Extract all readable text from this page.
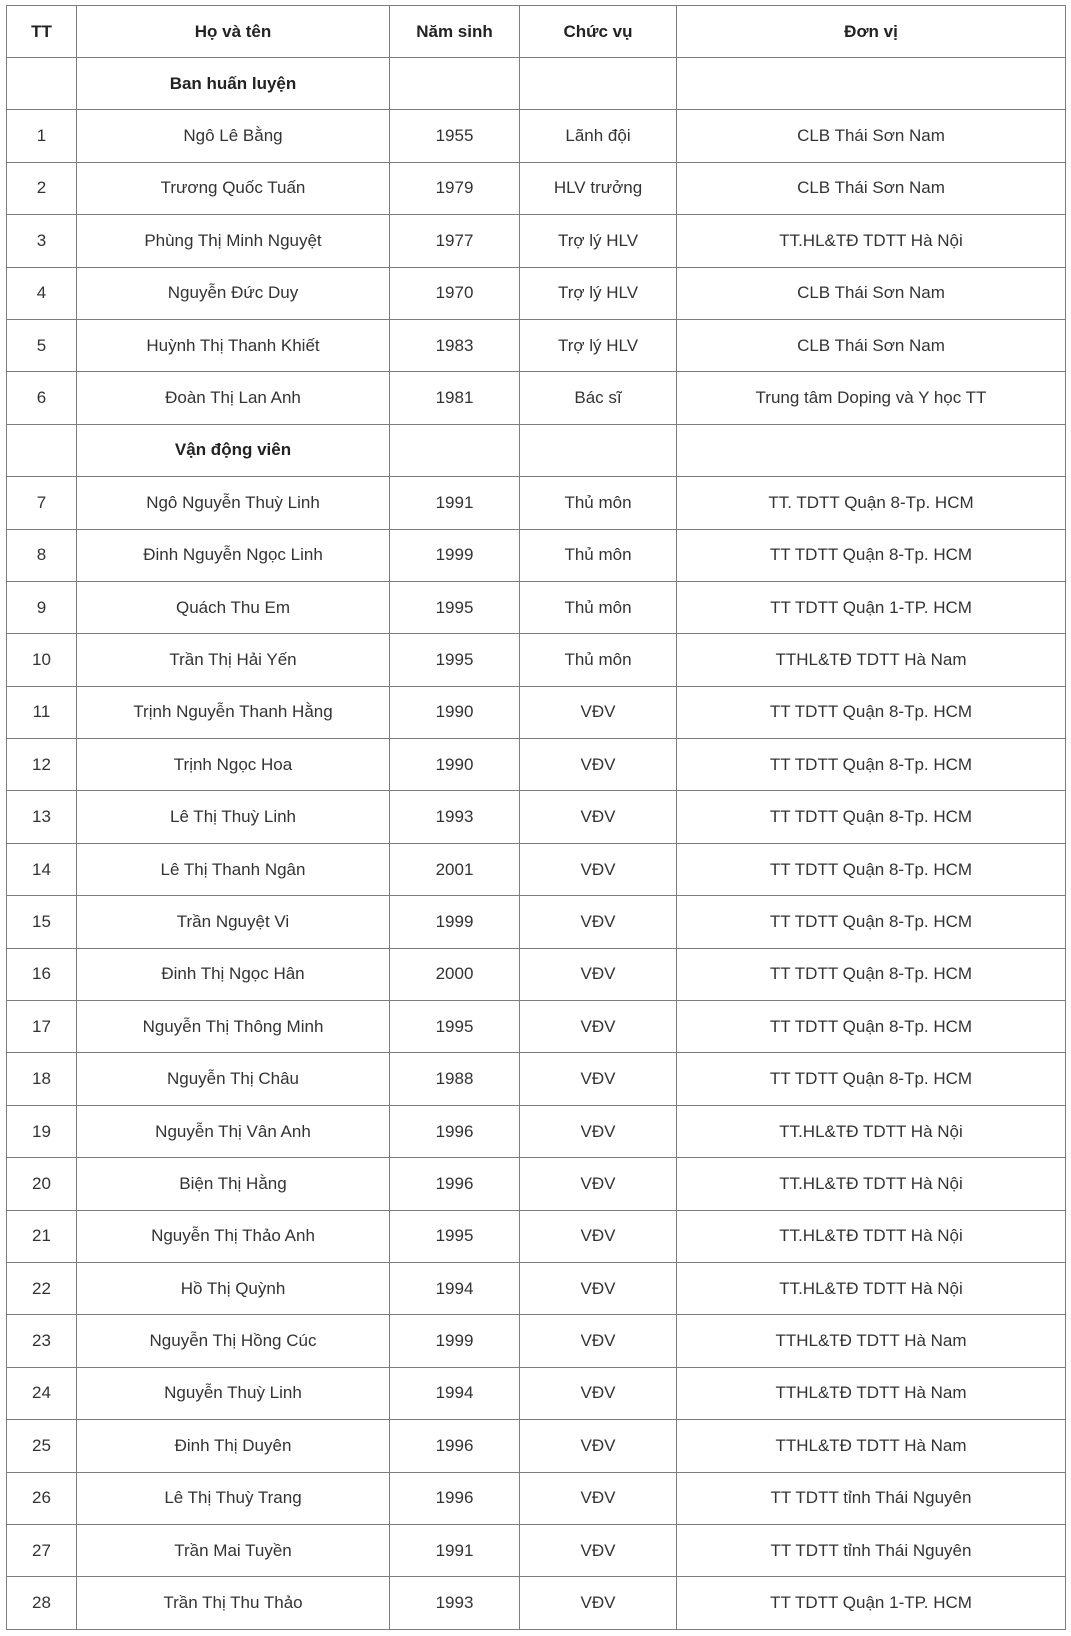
TT	Họ và tên	Năm sinh	Chức vụ	Đơn vị
	Ban huấn luyện			
1	Ngô Lê Bằng	1955	Lãnh đội	CLB Thái Sơn Nam
2	Trương Quốc Tuấn	1979	HLV trưởng	CLB Thái Sơn Nam
3	Phùng Thị Minh Nguyệt	1977	Trợ lý HLV	TT.HL&TĐ TDTT Hà Nội
4	Nguyễn Đức Duy	1970	Trợ lý HLV	CLB Thái Sơn Nam
5	Huỳnh Thị Thanh Khiết	1983	Trợ lý HLV	CLB Thái Sơn Nam
6	Đoàn Thị Lan Anh	1981	Bác sĩ	Trung tâm Doping và Y học TT
	Vận động viên			
7	Ngô Nguyễn Thuỳ Linh	1991	Thủ môn	TT. TDTT Quận 8-Tp. HCM
8	Đinh Nguyễn Ngọc Linh	1999	Thủ môn	TT TDTT Quận 8-Tp. HCM
9	Quách Thu Em	1995	Thủ môn	TT TDTT Quận 1-TP. HCM
10	Trần Thị Hải Yến	1995	Thủ môn	TTHL&TĐ TDTT Hà Nam
11	Trịnh Nguyễn Thanh Hằng	1990	VĐV	TT TDTT Quận 8-Tp. HCM
12	Trịnh Ngọc Hoa	1990	VĐV	TT TDTT Quận 8-Tp. HCM
13	Lê Thị Thuỳ Linh	1993	VĐV	TT TDTT Quận 8-Tp. HCM
14	Lê Thị Thanh Ngân	2001	VĐV	TT TDTT Quận 8-Tp. HCM
15	Trần Nguyệt Vi	1999	VĐV	TT TDTT Quận 8-Tp. HCM
16	Đinh Thị Ngọc Hân	2000	VĐV	TT TDTT Quận 8-Tp. HCM
17	Nguyễn Thị Thông Minh	1995	VĐV	TT TDTT Quận 8-Tp. HCM
18	Nguyễn Thị Châu	1988	VĐV	TT TDTT Quận 8-Tp. HCM
19	Nguyễn Thị Vân Anh	1996	VĐV	TT.HL&TĐ TDTT Hà Nội
20	Biện Thị Hằng	1996	VĐV	TT.HL&TĐ TDTT Hà Nội
21	Nguyễn Thị Thảo Anh	1995	VĐV	TT.HL&TĐ TDTT Hà Nội
22	Hồ Thị Quỳnh	1994	VĐV	TT.HL&TĐ TDTT Hà Nội
23	Nguyễn Thị Hồng Cúc	1999	VĐV	TTHL&TĐ TDTT Hà Nam
24	Nguyễn Thuỳ Linh	1994	VĐV	TTHL&TĐ TDTT Hà Nam
25	Đinh Thị Duyên	1996	VĐV	TTHL&TĐ TDTT Hà Nam
26	Lê Thị Thuỳ Trang	1996	VĐV	TT TDTT tỉnh Thái Nguyên
27	Trần Mai Tuyền	1991	VĐV	TT TDTT tỉnh Thái Nguyên
28	Trần Thị Thu Thảo	1993	VĐV	TT TDTT Quận 1-TP. HCM
